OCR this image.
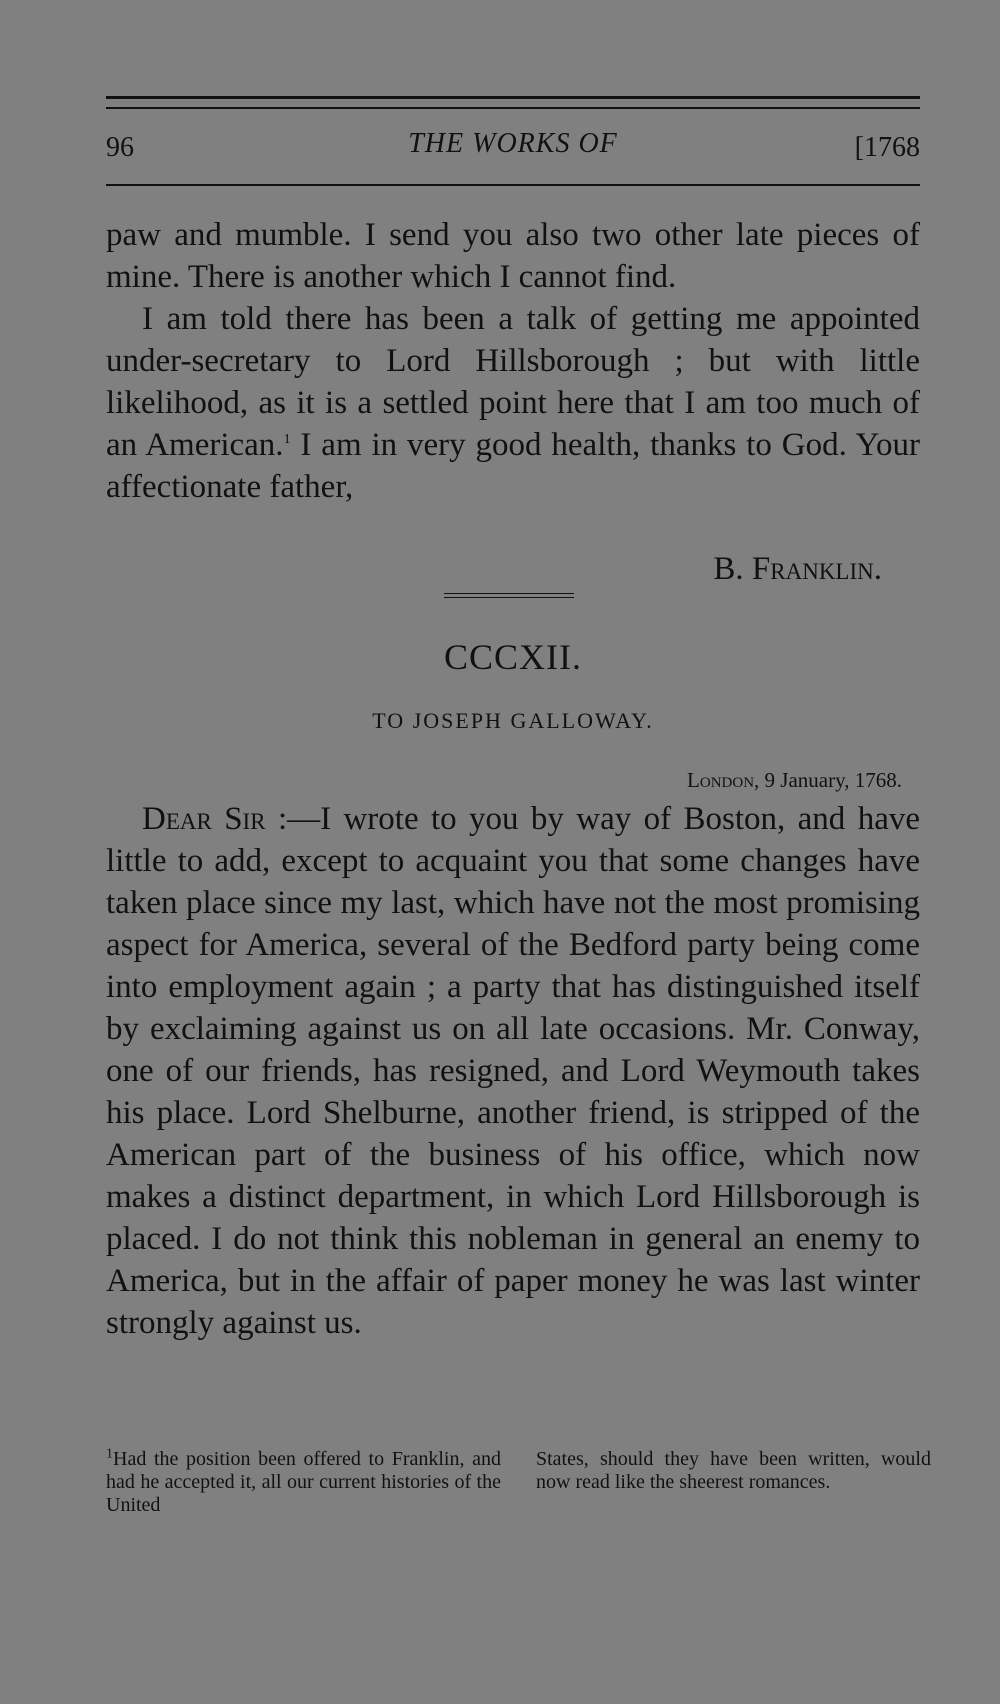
96	THE WORKS OF	[1768

paw and mumble. I send you also two other late pieces of mine. There is another which I cannot find.

I am told there has been a talk of getting me appointed under-secretary to Lord Hillsborough ; but with little likelihood, as it is a settled point here that I am too much of an American.$^1$ I am in very good health, thanks to God. Your affectionate father,

B. Franklin.
CCCXII.
TO JOSEPH GALLOWAY.
London, 9 January, 1768.

Dear Sir :—I wrote to you by way of Boston, and have little to add, except to acquaint you that some changes have taken place since my last, which have not the most promising aspect for America, several of the Bedford party being come into employment again ; a party that has distinguished itself by exclaiming against us on all late occasions. Mr. Conway, one of our friends, has resigned, and Lord Weymouth takes his place. Lord Shelburne, another friend, is stripped of the American part of the business of his office, which now makes a distinct department, in which Lord Hillsborough is placed. I do not think this nobleman in general an enemy to America, but in the affair of paper money he was last winter strongly against us.

$^1$Had the position been offered to Franklin, and had he accepted it, all our current histories of the United
States, should they have been written, would now read like the sheerest romances.
